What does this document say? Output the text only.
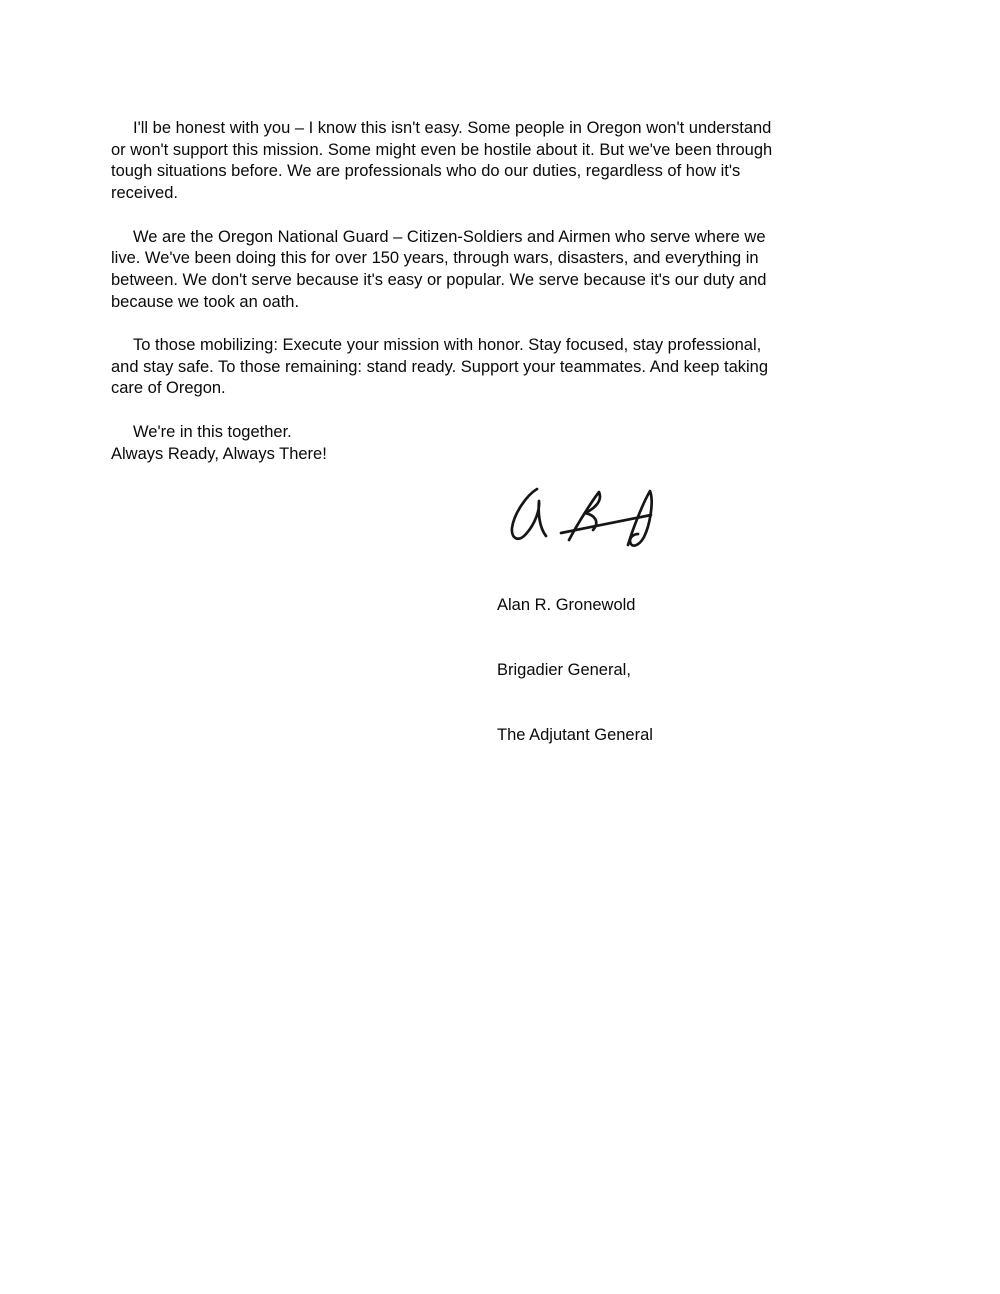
I'll be honest with you – I know this isn't easy. Some people in Oregon won't understand
or won't support this mission. Some might even be hostile about it. But we've been through
tough situations before. We are professionals who do our duties, regardless of how it's
received.
We are the Oregon National Guard – Citizen-Soldiers and Airmen who serve where we
live. We've been doing this for over 150 years, through wars, disasters, and everything in
between. We don't serve because it's easy or popular. We serve because it's our duty and
because we took an oath.
To those mobilizing: Execute your mission with honor. Stay focused, stay professional,
and stay safe. To those remaining: stand ready. Support your teammates. And keep taking
care of Oregon.
We're in this together.
Always Ready, Always There!

Alan R. Gronewold

Brigadier General,

The Adjutant General
